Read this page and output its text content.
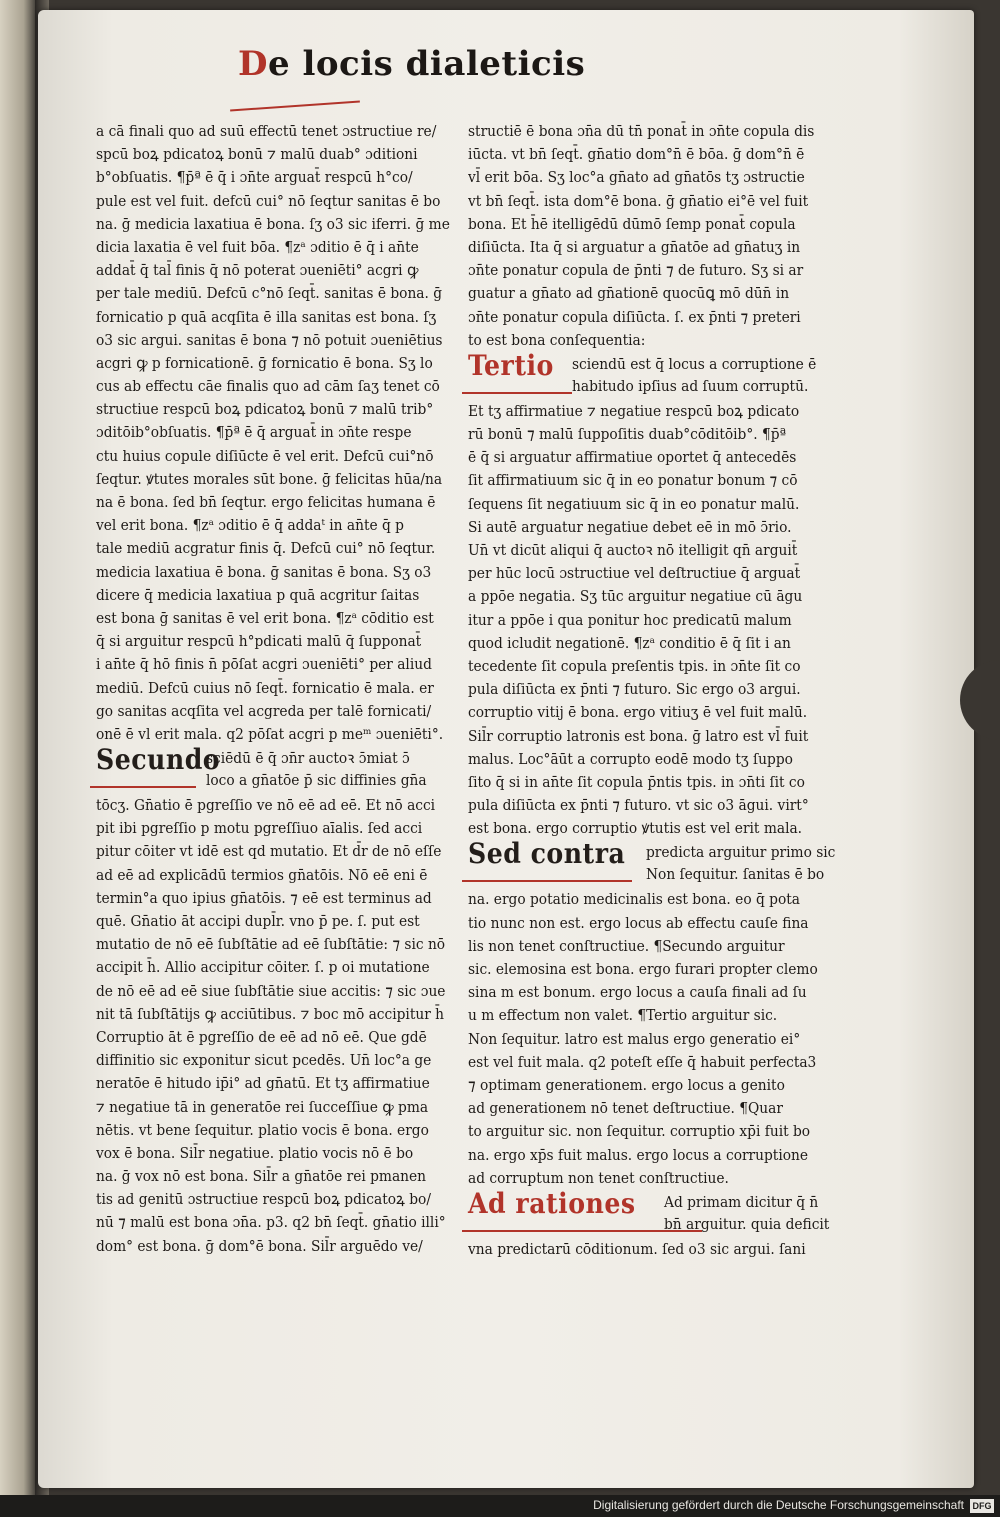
De locis dialeticis
a cā finali quo ad suū effectū tenet ɔstructiue re/
spcū boꝝ pdicatoꝝ bonū ⁊ malū duab° ɔditioni
b°obſuatis. ¶p̄ª ē q̄ i ɔn̄te arguat̄ respcū h°co/
pule est vel fuit. defcū cui° nō ſeqtur sanitas ē bo
na. ḡ medicia laxatiua ē bona. ſʒ o3 sic iferri. ḡ me
dicia laxatia ē vel fuit bōa. ¶zᵃ ɔditio ē q̄ i an̄te
addat̄ q̄ tal̄ finis q̄ nō poterat ɔueniēti° acgri ꝙ
per tale mediū. Defcū c°nō ſeqt̄. sanitas ē bona. ḡ
fornicatio p quā acqſita ē illa sanitas est bona. ſʒ
o3 sic argui. sanitas ē bona ⁊ nō potuit ɔueniētius
acgri ꝙ p fornicationē. ḡ fornicatio ē bona. Sʒ lo
cus ab effectu cāe finalis quo ad cām ſaʒ tenet cō
structiue respcū boꝝ pdicatoꝝ bonū ⁊ malū trib°
ɔditōib°obſuatis. ¶p̄ª ē q̄ arguat̄ in ɔn̄te respe
ctu huius copule diſiūcte ē vel erit. Defcū cui°nō
ſeqtur. ꝟtutes morales sūt bone. ḡ felicitas hūa/na
na ē bona. ſed bn̄ ſeqtur. ergo felicitas humana ē
vel erit bona. ¶zᵃ ɔditio ē q̄ addaᵗ in an̄te q̄ p
tale mediū acgratur finis q̄. Defcū cui° nō ſeqtur.
medicia laxatiua ē bona. ḡ sanitas ē bona. Sʒ o3
dicere q̄ medicia laxatiua p quā acgritur ſaitas
est bona ḡ sanitas ē vel erit bona. ¶zᵃ cōditio est
q̄ si arguitur respcū h°pdicati malū q̄ ſupponat̄
i an̄te q̄ hō finis n̄ pōſat acgri ɔueniēti° per aliud
mediū. Defcū cuius nō ſeqt̄. fornicatio ē mala. er
go sanitas acqſita vel acgreda per talē fornicati/
onē ē vl erit mala. q2 pōſat acgri p meᵐ ɔueniēti°.
Secundo
sciēdū ē q̄ ɔn̄r auctoꝛ ɔ̄miat ɔ̄
loco a gn̄atōe p̄ sic diffinies gn̄a
tōcʒ. Gn̄atio ē pgreſſio ve nō eē ad eē. Et nō acci
pit ibi pgreſſio p motu pgreſſiuo aīalis. ſed acci
pitur cōiter vt idē est qd mutatio. Et d̄r de nō eſſe
ad eē ad explicādū termios gn̄atōis. Nō eē eni ē
termin°a quo ipius gn̄atōis. ⁊ eē est terminus ad
quē. Gn̄atio āt accipi dupl̄r. vno p̄ pe. ſ. put est
mutatio de nō eē ſubſtātie ad eē ſubſtātie: ⁊ sic nō
accipit h̄. Allio accipitur cōiter. ſ. p oi mutatione
de nō eē ad eē siue ſubſtātie siue accitis: ⁊ sic ɔue
nit tā ſubſtātijs ꝙ acciūtibus. ⁊ boc mō accipitur h̄
Corruptio āt ē pgreſſio de eē ad nō eē. Que gdē
diffinitio sic exponitur sicut pcedēs. Un̄ loc°a ge
neratōe ē hitudo ip̄i° ad gn̄atū. Et tʒ affirmatiue
⁊ negatiue tā in generatōe rei ſucceſſiue ꝙ pma
nētis. vt bene ſequitur. platio vocis ē bona. ergo
vox ē bona. Sil̄r negatiue. platio vocis nō ē bo
na. ḡ vox nō est bona. Sil̄r a gn̄atōe rei pmanen
tis ad genitū ɔstructiue respcū boꝝ pdicatoꝝ bo/
nū ⁊ malū est bona ɔn̄a. p3. q2 bn̄ ſeqt̄. gn̄atio illi°
dom° est bona. ḡ dom°ē bona. Sil̄r arguēdo ve/
structiē ē bona ɔn̄a dū tn̄ ponat̄ in ɔn̄te copula dis
iūcta. vt bn̄ ſeqt̄. gn̄atio dom°n̄ ē bōa. ḡ dom°n̄ ē
vl̄ erit bōa. Sʒ loc°a gn̄ato ad gn̄atōs tʒ ɔstructie
vt bn̄ ſeqt̄. ista dom°ē bona. ḡ gn̄atio ei°ē vel fuit
bona. Et h̄ē itelligēdū dūmō ſemp ponat̄ copula
diſiūcta. Ita q̄ si arguatur a gn̄atōe ad gn̄atuʒ in
ɔn̄te ponatur copula de p̄nti ⁊ de futuro. Sʒ si ar
guatur a gn̄ato ad gn̄ationē quocūꝗ mō dūn̄ in
ɔn̄te ponatur copula diſiūcta. ſ. ex p̄nti ⁊ preteri
to est bona conſequentia:
Tertio sciendū est q̄ locus a corruptione ē
habitudo ipſius ad ſuum corruptū.
Et tʒ affirmatiue ⁊ negatiue respcū boꝝ pdicato
rū bonū ⁊ malū ſuppoſitis duab°cōditōib°. ¶p̄ª
ē q̄ si arguatur affirmatiue oportet q̄ antecedēs
ſit affirmatiuum sic q̄ in eo ponatur bonum ⁊ cō
ſequens ſit negatiuum sic q̄ in eo ponatur malū.
Si autē arguatur negatiue debet eē in mō ɔ̄rio.
Un̄ vt dicūt aliqui q̄ auctoꝛ nō itelligit qn̄ arguit̄
per hūc locū ɔstructiue vel deſtructiue q̄ arguat̄
a ppōe negatia. Sʒ tūc arguitur negatiue cū āgu
itur a ppōe i qua ponitur hoc predicatū malum
quod icludit negationē. ¶zᵃ conditio ē q̄ ſit i an
tecedente ſit copula preſentis tpis. in ɔn̄te ſit co
pula diſiūcta ex p̄nti ⁊ futuro. Sic ergo o3 argui.
corruptio vitij ē bona. ergo vitiuʒ ē vel fuit malū.
Sil̄r corruptio latronis est bona. ḡ latro est vl̄ fuit
malus. Loc°āūt a corrupto eodē modo tʒ ſuppo
ſito q̄ si in an̄te ſit copula p̄ntis tpis. in ɔn̄ti ſit co
pula diſiūcta ex p̄nti ⁊ futuro. vt sic o3 āgui. virt°
est bona. ergo corruptio ꝟtutis est vel erit mala.
Sed contra predicta arguitur primo sic
Non ſequitur. ſanitas ē bo
na. ergo potatio medicinalis est bona. eo q̄ pota
tio nunc non est. ergo locus ab effectu cauſe fina
lis non tenet conſtructiue. ¶Secundo arguitur
sic. elemosina est bona. ergo furari propter clemo
sina m est bonum. ergo locus a cauſa finali ad ſu
u m effectum non valet. ¶Tertio arguitur sic.
Non ſequitur. latro est malus ergo generatio ei°
est vel fuit mala. q2 poteſt eſſe q̄ habuit perfecta3
⁊ optimam generationem. ergo locus a genito
ad generationem nō tenet deſtructiue. ¶Quar
to arguitur sic. non ſequitur. corruptio xp̄i fuit bo
na. ergo xp̄s fuit malus. ergo locus a corruptione
ad corruptum non tenet conſtructiue.
Ad rationes Ad primam dicitur q̄ n̄
bn̄ arguitur. quia deficit
vna predictarū cōditionum. ſed o3 sic argui. ſani
Digitalisierung gefördert durch die Deutsche Forschungsgemeinschaft DFG
